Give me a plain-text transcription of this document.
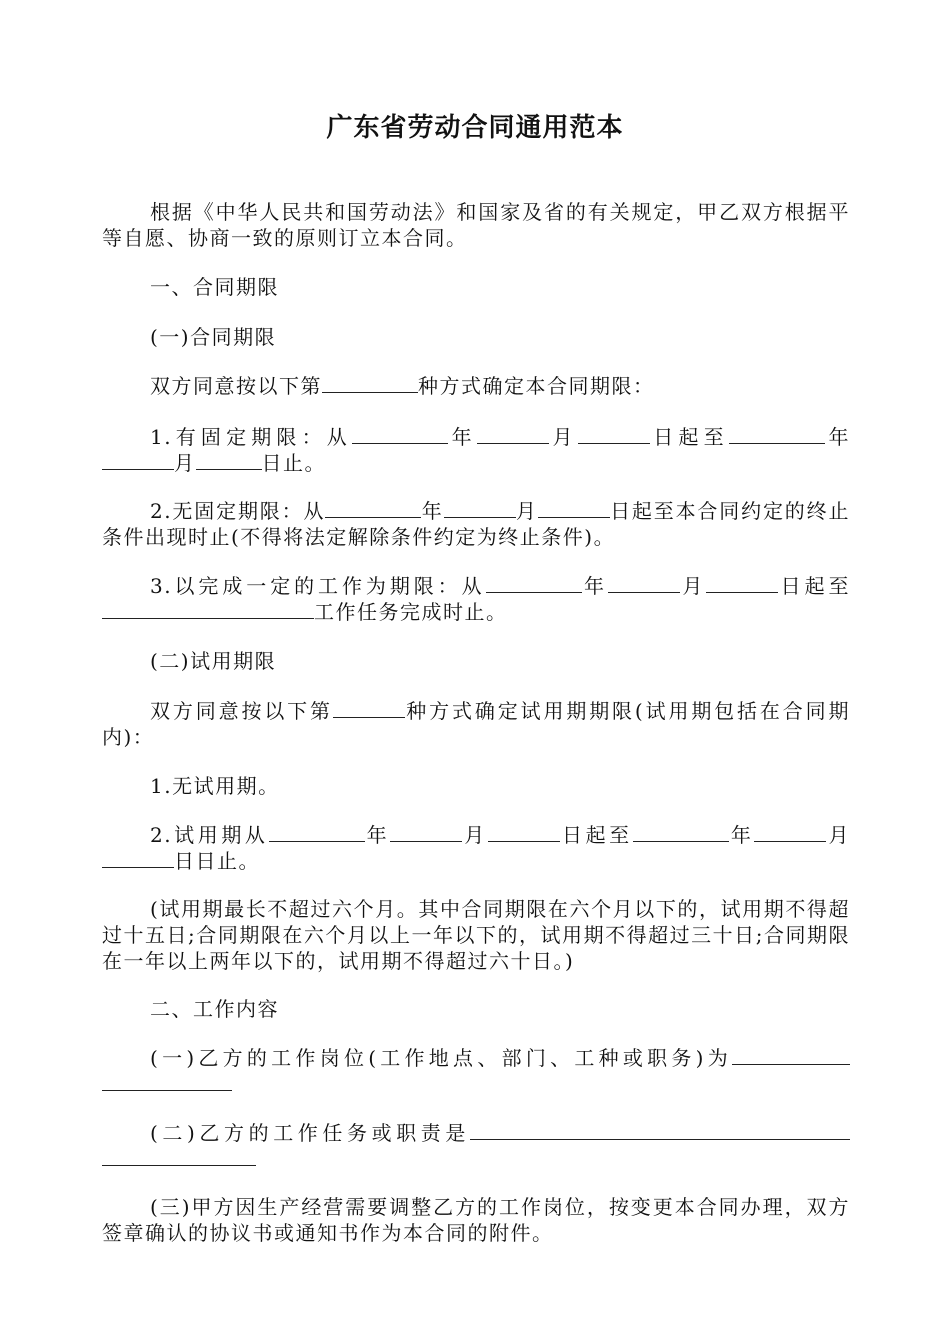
广东省劳动合同通用范本
根据《中华人民共和国劳动法》和国家及省的有关规定，甲乙双方根据平等自愿、协商一致的原则订立本合同。
一、合同期限
(一)合同期限
双方同意按以下第	种方式确定本合同期限：
1.有固定期限：从	年	月	日起至	年月	日止。
2.无固定期限：从	年	月	日起至本合同约定的终止条件出现时止(不得将法定解除条件约定为终止条件)。
3.以完成一定的工作为期限：从	年	月	日起至工作任务完成时止。
(二)试用期限
双方同意按以下第	种方式确定试用期期限(试用期包括在合同期内)：
1.无试用期。
2.试用期从	年	月	日起至	年	月日日止。
(试用期最长不超过六个月。其中合同期限在六个月以下的，试用期不得超过十五日;合同期限在六个月以上一年以下的，试用期不得超过三十日;合同期限在一年以上两年以下的，试用期不得超过六十日。)
二、工作内容
(一)乙方的工作岗位(工作地点、部门、工种或职务)为
(二)乙方的工作任务或职责是
(三)甲方因生产经营需要调整乙方的工作岗位，按变更本合同办理，双方签章确认的协议书或通知书作为本合同的附件。
